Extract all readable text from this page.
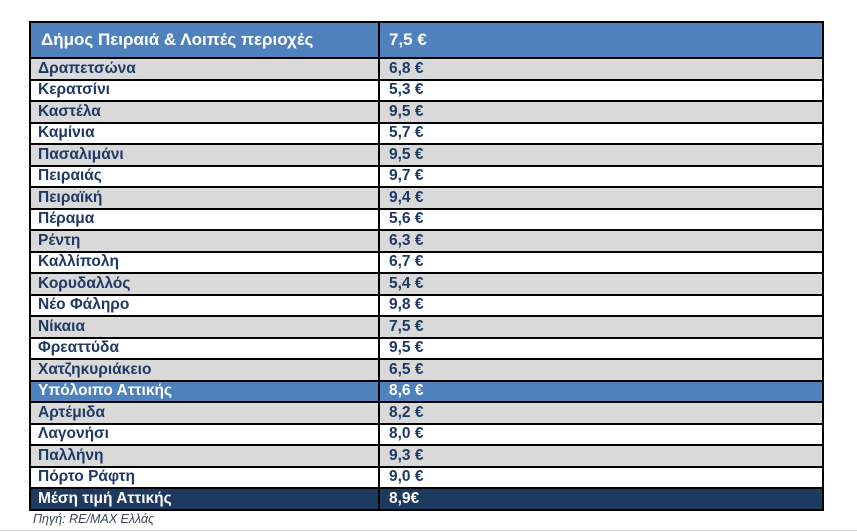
Δήμος Πειραιά & Λοιπές περιοχές	7,5 €
Δραπετσώνα	6,8 €
Κερατσίνι	5,3 €
Καστέλα	9,5 €
Καμίνια	5,7 €
Πασαλιμάνι	9,5 €
Πειραιάς	9,7 €
Πειραϊκή	9,4 €
Πέραμα	5,6 €
Ρέντη	6,3 €
Καλλίπολη	6,7 €
Κορυδαλλός	5,4 €
Νέο Φάληρο	9,8 €
Νίκαια	7,5 €
Φρεαττύδα	9,5 €
Χατζηκυριάκειο	6,5 €
Υπόλοιπο Αττικής	8,6 €
Αρτέμιδα	8,2 €
Λαγονήσι	8,0 €
Παλλήνη	9,3 €
Πόρτο Ράφτη	9,0 €
Μέση τιμή Αττικής	8,9€
Πηγή: RE/MAX Ελλάς
